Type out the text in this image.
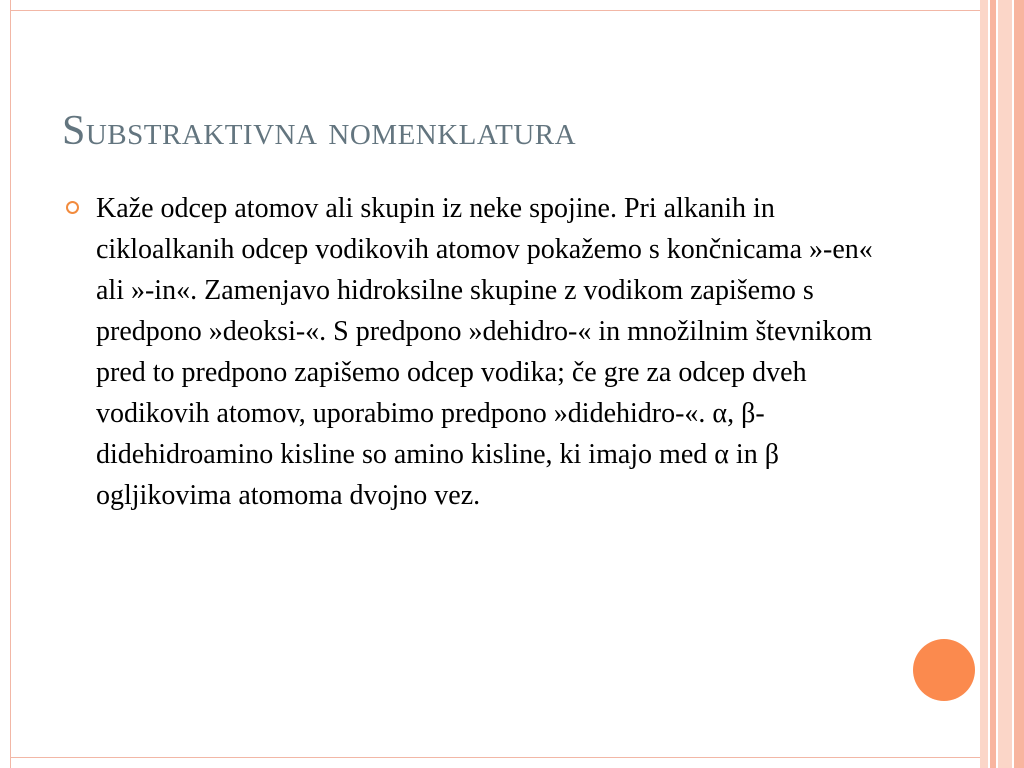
Substraktivna nomenklatura
Kaže odcep atomov ali skupin iz neke spojine. Pri alkanih in cikloalkanih odcep vodikovih atomov pokažemo s končnicama »-en« ali »-in«. Zamenjavo hidroksilne skupine z vodikom zapišemo s predpono »deoksi-«. S predpono »dehidro-« in množilnim števnikom pred to predpono zapišemo odcep vodika; če gre za odcep dveh vodikovih atomov, uporabimo predpono »didehidro-«. α, β-didehidroamino kisline so amino kisline, ki imajo med α in β ogljikovima atomoma dvojno vez.
